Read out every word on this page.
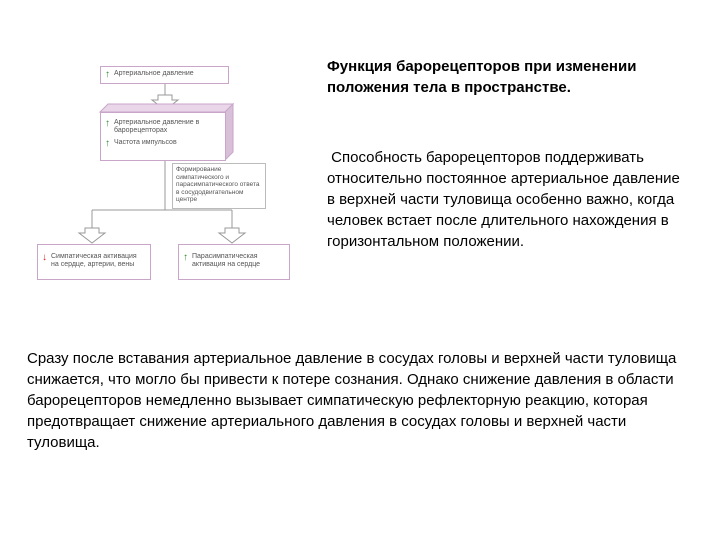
↑ Артериальное давление
↑ Артериальное давление в
барорецепторах
↑ Частота импульсов
Формирование симпатического и парасимпатического ответа в сосудодвигательном центре
↓ Симпатическая активация на сердце, артерии, вены
↑ Парасимпатическая активация на сердце
Функция барорецепторов при изменении положения тела в пространстве.
Способность барорецепторов поддерживать относительно постоянное артериальное давление в верхней части туловища особенно важно, когда человек встает после длительного нахождения в горизонтальном положении.
Сразу после вставания артериальное давление в сосудах головы и верхней части туловища снижается, что могло бы привести к потере сознания. Однако снижение давления в области барорецепторов немедленно вызывает симпатическую рефлекторную реакцию, которая предотвращает снижение артериального давления в сосудах головы и верхней части туловища.
